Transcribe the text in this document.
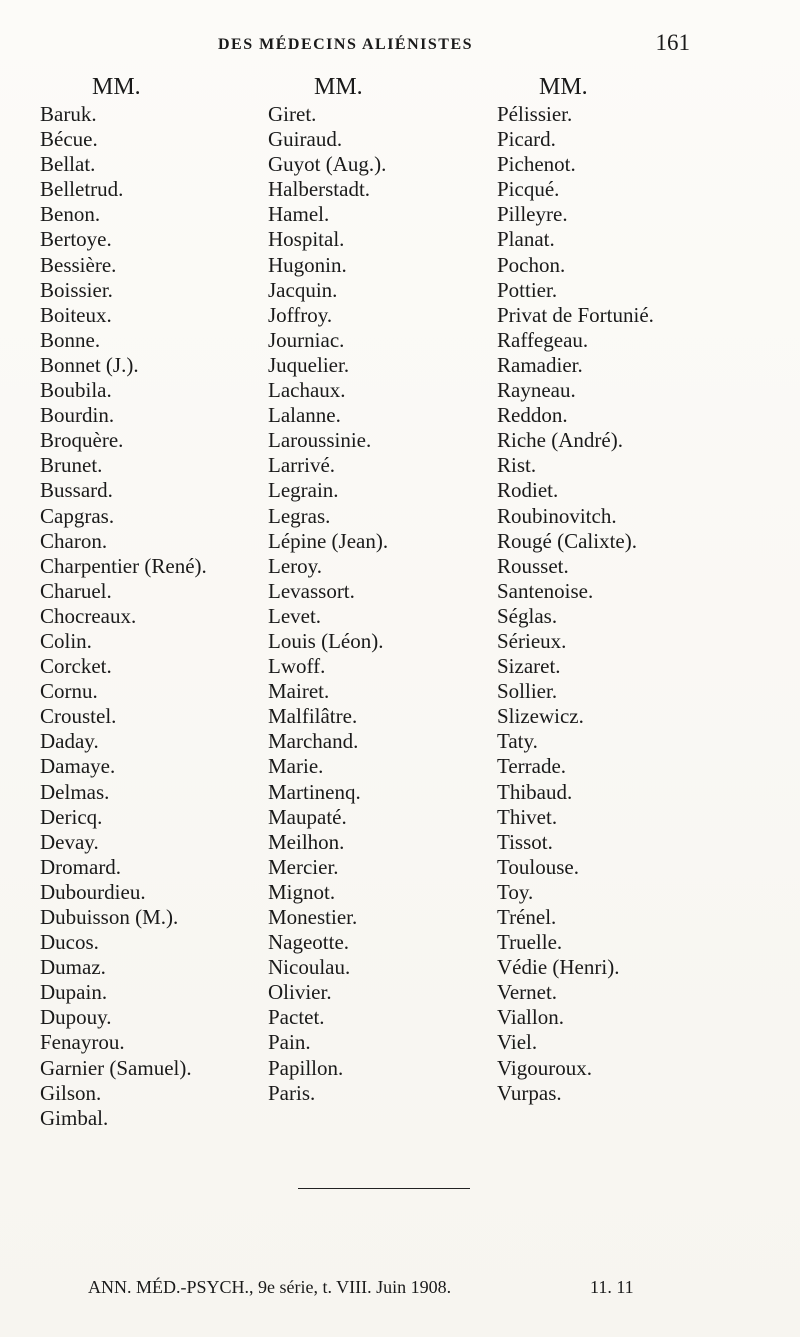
DES MÉDECINS ALIÉNISTES	161
MM.
Baruk.
Bécue.
Bellat.
Belletrud.
Benon.
Bertoye.
Bessière.
Boissier.
Boiteux.
Bonne.
Bonnet (J.).
Boubila.
Bourdin.
Broquère.
Brunet.
Bussard.
Capgras.
Charon.
Charpentier (René).
Charuel.
Chocreaux.
Colin.
Corcket.
Cornu.
Croustel.
Daday.
Damaye.
Delmas.
Dericq.
Devay.
Dromard.
Dubourdieu.
Dubuisson (M.).
Ducos.
Dumaz.
Dupain.
Dupouy.
Fenayrou.
Garnier (Samuel).
Gilson.
Gimbal.
MM.
Giret.
Guiraud.
Guyot (Aug.).
Halberstadt.
Hamel.
Hospital.
Hugonin.
Jacquin.
Joffroy.
Journiac.
Juquelier.
Lachaux.
Lalanne.
Laroussinie.
Larrivé.
Legrain.
Legras.
Lépine (Jean).
Leroy.
Levassort.
Levet.
Louis (Léon).
Lwoff.
Mairet.
Malfilâtre.
Marchand.
Marie.
Martinenq.
Maupaté.
Meilhon.
Mercier.
Mignot.
Monestier.
Nageotte.
Nicoulau.
Olivier.
Pactet.
Pain.
Papillon.
Paris.
MM.
Pélissier.
Picard.
Pichenot.
Picqué.
Pilleyre.
Planat.
Pochon.
Pottier.
Privat de Fortunié.
Raffegeau.
Ramadier.
Rayneau.
Reddon.
Riche (André).
Rist.
Rodiet.
Roubinovitch.
Rougé (Calixte).
Rousset.
Santenoise.
Séglas.
Sérieux.
Sizaret.
Sollier.
Slizewicz.
Taty.
Terrade.
Thibaud.
Thivet.
Tissot.
Toulouse.
Toy.
Trénel.
Truelle.
Védie (Henri).
Vernet.
Viallon.
Viel.
Vigouroux.
Vurpas.
ANN. MÉD.-PSYCH., 9e série, t. VIII. Juin 1908.	11. 11
